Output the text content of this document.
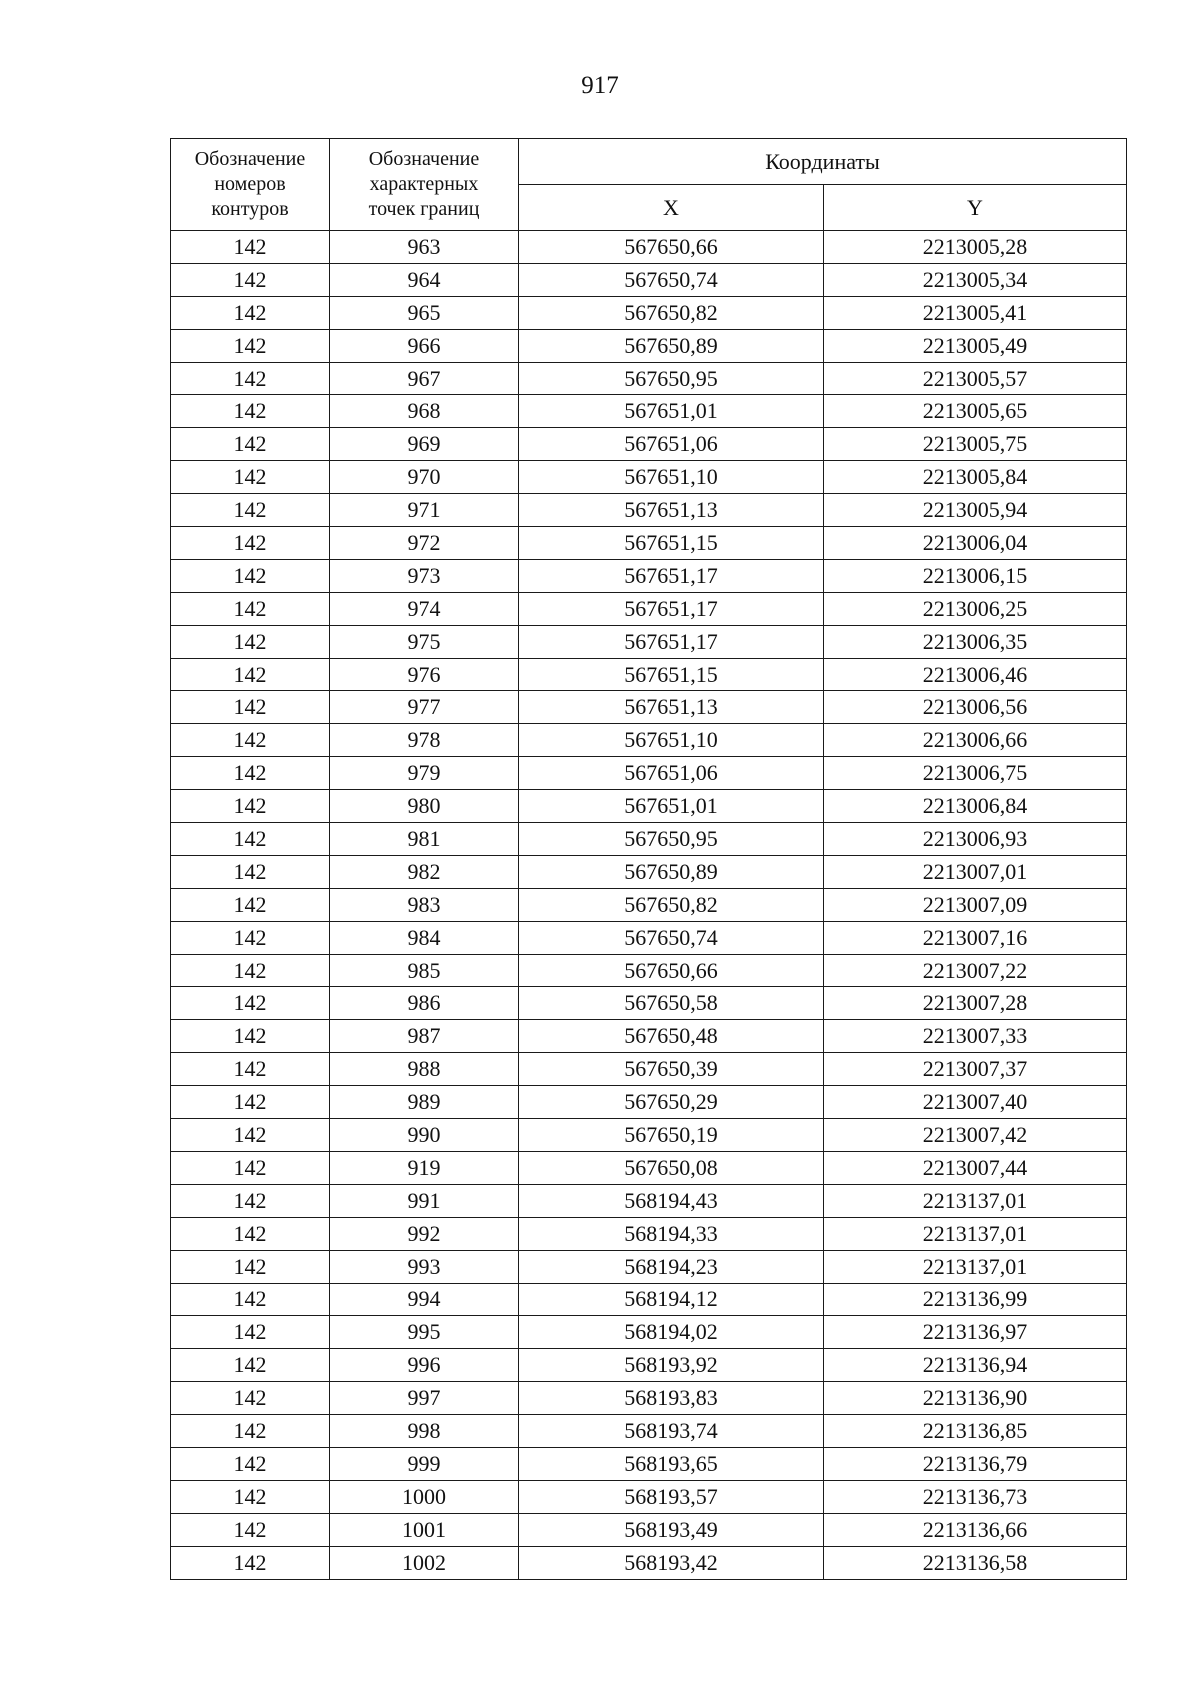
917
Обозначение
номеров
контуров	Обозначение
характерных
точек границ	Координаты	
		X	Y
142	963	567650,66	2213005,28
142	964	567650,74	2213005,34
142	965	567650,82	2213005,41
142	966	567650,89	2213005,49
142	967	567650,95	2213005,57
142	968	567651,01	2213005,65
142	969	567651,06	2213005,75
142	970	567651,10	2213005,84
142	971	567651,13	2213005,94
142	972	567651,15	2213006,04
142	973	567651,17	2213006,15
142	974	567651,17	2213006,25
142	975	567651,17	2213006,35
142	976	567651,15	2213006,46
142	977	567651,13	2213006,56
142	978	567651,10	2213006,66
142	979	567651,06	2213006,75
142	980	567651,01	2213006,84
142	981	567650,95	2213006,93
142	982	567650,89	2213007,01
142	983	567650,82	2213007,09
142	984	567650,74	2213007,16
142	985	567650,66	2213007,22
142	986	567650,58	2213007,28
142	987	567650,48	2213007,33
142	988	567650,39	2213007,37
142	989	567650,29	2213007,40
142	990	567650,19	2213007,42
142	919	567650,08	2213007,44
142	991	568194,43	2213137,01
142	992	568194,33	2213137,01
142	993	568194,23	2213137,01
142	994	568194,12	2213136,99
142	995	568194,02	2213136,97
142	996	568193,92	2213136,94
142	997	568193,83	2213136,90
142	998	568193,74	2213136,85
142	999	568193,65	2213136,79
142	1000	568193,57	2213136,73
142	1001	568193,49	2213136,66
142	1002	568193,42	2213136,58
